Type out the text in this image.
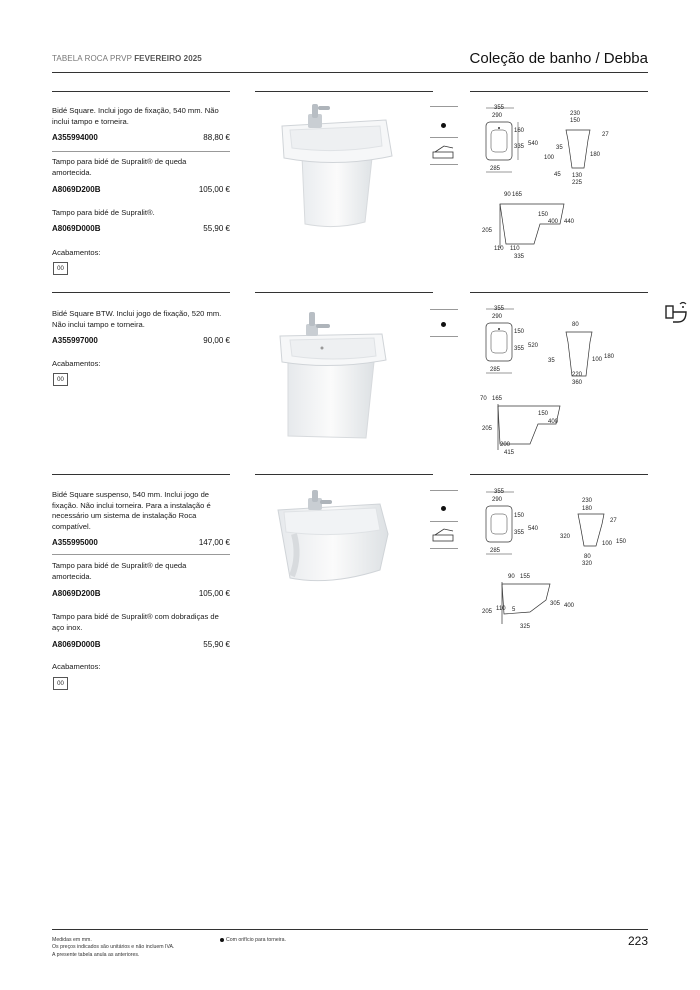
TABELA ROCA PRVP FEVEREIRO 2025	Coleção de banho / Debba
Bidé Square. Inclui jogo de fixação, 540 mm. Não inclui tampo e torneira.
A355994000	88,80 €
Tampo para bidé de Supralit® de queda amortecida.
A8069D200B	105,00 €
Tampo para bidé de Supralit®.
A8069D000B	55,90 €
Acabamentos:
00
355
290
160
335 540
285
230
150
27
35
100	180
45 130
225
90 165
150
400 440
205
110 110
335
Bidé Square BTW. Inclui jogo de fixação, 520 mm. Não inclui tampo e torneira.
A355997000	90,00 €
Acabamentos:
00
355
290
150
355 520
285
80
35	100 180
220
360
70 165
150
400
205
200
415
Bidé Square suspenso, 540 mm. Inclui jogo de fixação. Não inclui torneira. Para a instalação é necessário um sistema de instalação Roca compatível.
A355995000	147,00 €
Tampo para bidé de Supralit® de queda amortecida.
A8069D200B	105,00 €
Tampo para bidé de Supralit® com dobradiças de aço inox.
A8069D000B	55,90 €
Acabamentos:
00
355
290
150
355
540
285
230
180
27
320
100 150
80
320
90 155
205 110 5
305 400
325
Medidas em mm.
Os preços indicados são unitários e não incluem IVA.
A presente tabela anula as anteriores.
Com orifício para torneira.	223
